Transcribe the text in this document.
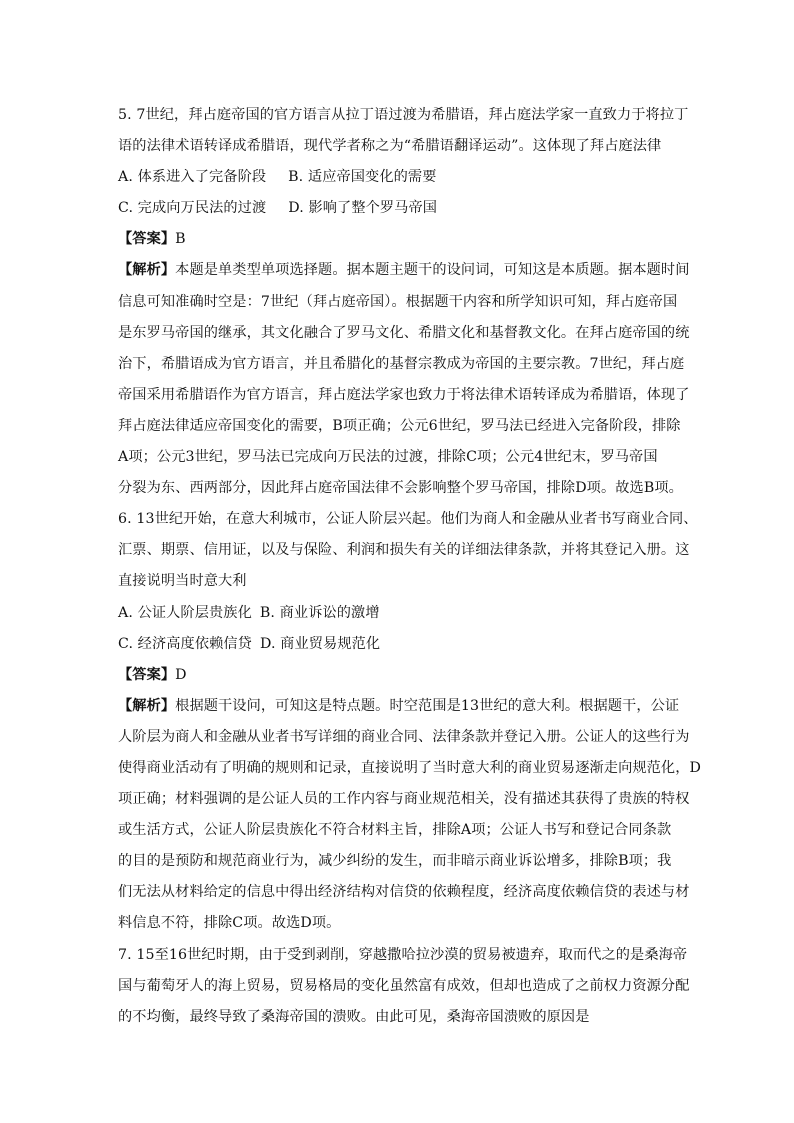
5. 7世纪，拜占庭帝国的官方语言从拉丁语过渡为希腊语，拜占庭法学家一直致力于将拉丁
语的法律术语转译成希腊语，现代学者称之为“希腊语翻译运动”。这体现了拜占庭法律
A. 体系进入了完备阶段 B. 适应帝国变化的需要
C. 完成向万民法的过渡 D. 影响了整个罗马帝国
【答案】B
【解析】本题是单类型单项选择题。据本题主题干的设问词，可知这是本质题。据本题时间
信息可知准确时空是：7世纪（拜占庭帝国）。根据题干内容和所学知识可知，拜占庭帝国
是东罗马帝国的继承，其文化融合了罗马文化、希腊文化和基督教文化。在拜占庭帝国的统
治下，希腊语成为官方语言，并且希腊化的基督宗教成为帝国的主要宗教。7世纪，拜占庭
帝国采用希腊语作为官方语言，拜占庭法学家也致力于将法律术语转译成为希腊语，体现了
拜占庭法律适应帝国变化的需要，B项正确；公元6世纪，罗马法已经进入完备阶段，排除
A项；公元3世纪，罗马法已完成向万民法的过渡，排除C项；公元4世纪末，罗马帝国
分裂为东、西两部分，因此拜占庭帝国法律不会影响整个罗马帝国，排除D项。故选B项。
6. 13世纪开始，在意大利城市，公证人阶层兴起。他们为商人和金融从业者书写商业合同、
汇票、期票、信用证，以及与保险、利润和损失有关的详细法律条款，并将其登记入册。这
直接说明当时意大利
A. 公证人阶层贵族化 B. 商业诉讼的激增
C. 经济高度依赖信贷 D. 商业贸易规范化
【答案】D
【解析】根据题干设问，可知这是特点题。时空范围是13世纪的意大利。根据题干，公证
人阶层为商人和金融从业者书写详细的商业合同、法律条款并登记入册。公证人的这些行为
使得商业活动有了明确的规则和记录，直接说明了当时意大利的商业贸易逐渐走向规范化，D
项正确；材料强调的是公证人员的工作内容与商业规范相关，没有描述其获得了贵族的特权
或生活方式，公证人阶层贵族化不符合材料主旨，排除A项；公证人书写和登记合同条款
的目的是预防和规范商业行为，减少纠纷的发生，而非暗示商业诉讼增多，排除B项；我
们无法从材料给定的信息中得出经济结构对信贷的依赖程度，经济高度依赖信贷的表述与材
料信息不符，排除C项。故选D项。
7. 15至16世纪时期，由于受到剥削，穿越撒哈拉沙漠的贸易被遗弃，取而代之的是桑海帝
国与葡萄牙人的海上贸易，贸易格局的变化虽然富有成效，但却也造成了之前权力资源分配
的不均衡，最终导致了桑海帝国的溃败。由此可见，桑海帝国溃败的原因是
